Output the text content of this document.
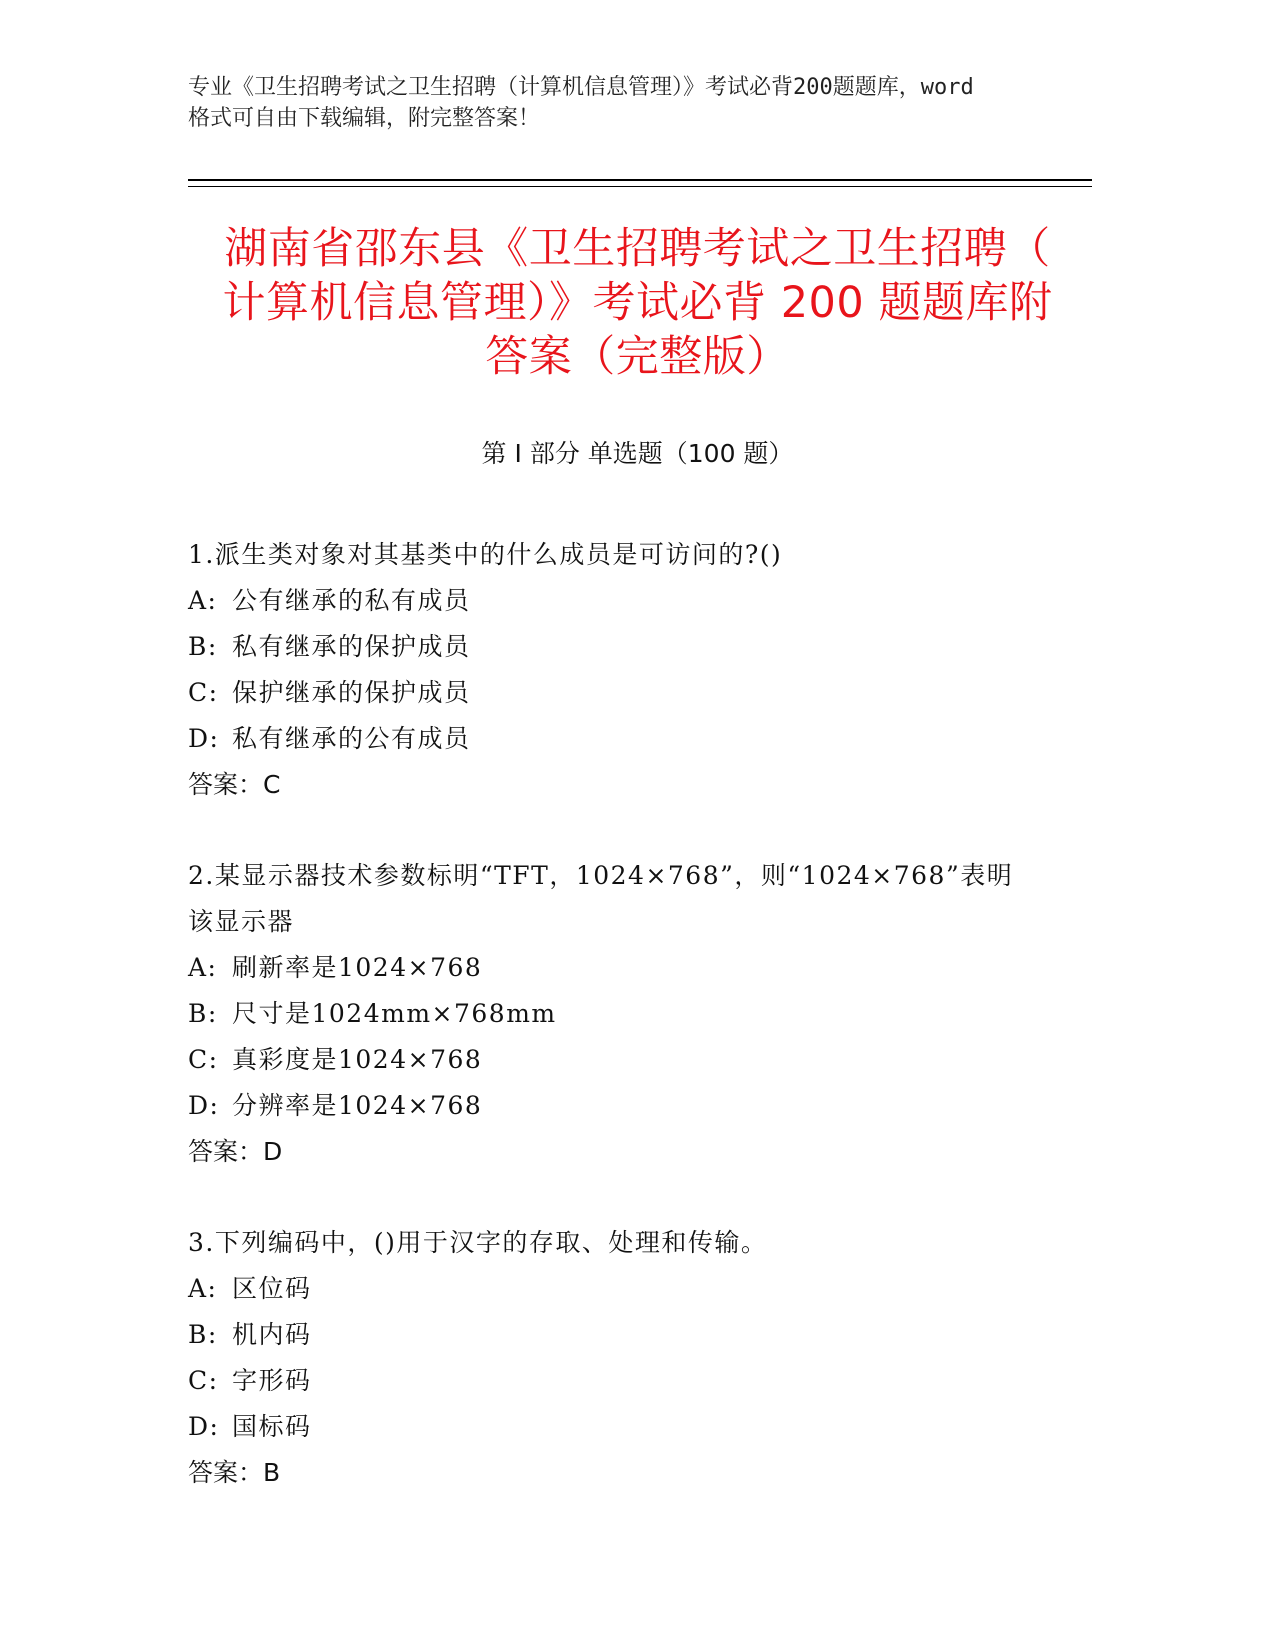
专业《卫生招聘考试之卫生招聘（计算机信息管理）》考试必背200题题库，word
格式可自由下载编辑，附完整答案！
湖南省邵东县《卫生招聘考试之卫生招聘（
计算机信息管理）》考试必背 200 题题库附
答案（完整版）
第 I 部分 单选题（100 题）
1.派生类对象对其基类中的什么成员是可访问的?()
A: 公有继承的私有成员
B: 私有继承的保护成员
C: 保护继承的保护成员
D: 私有继承的公有成员
答案：C
2.某显示器技术参数标明“TFT，1024×768”，则“1024×768”表明
该显示器
A: 刷新率是1024×768
B: 尺寸是1024mm×768mm
C: 真彩度是1024×768
D: 分辨率是1024×768
答案：D
3.下列编码中，()用于汉字的存取、处理和传输。
A: 区位码
B: 机内码
C: 字形码
D: 国标码
答案：B
